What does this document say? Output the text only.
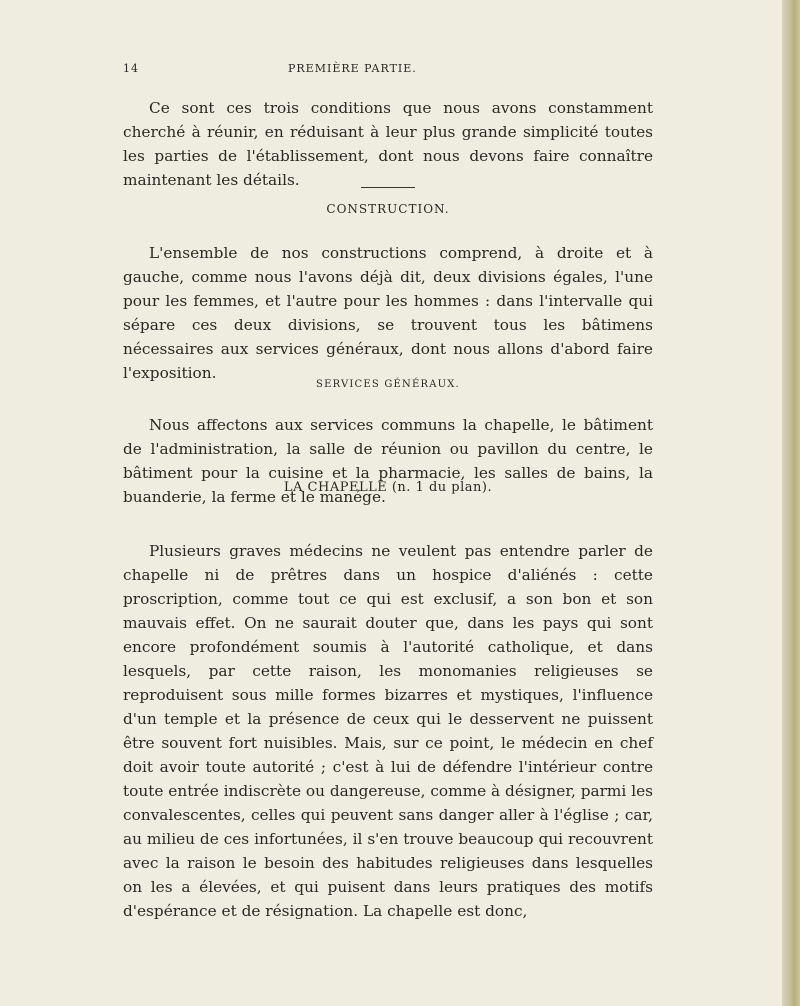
14	PREMIÈRE PARTIE.

Ce sont ces trois conditions que nous avons constamment cherché à réunir, en réduisant à leur plus grande simplicité toutes les parties de l'établissement, dont nous devons faire connaître maintenant les détails.

CONSTRUCTION.

L'ensemble de nos constructions comprend, à droite et à gauche, comme nous l'avons déjà dit, deux divisions égales, l'une pour les femmes, et l'autre pour les hommes : dans l'intervalle qui sépare ces deux divisions, se trouvent tous les bâtimens nécessaires aux services généraux, dont nous allons d'abord faire l'exposition.

SERVICES GÉNÉRAUX.

Nous affectons aux services communs la chapelle, le bâtiment de l'administration, la salle de réunion ou pavillon du centre, le bâtiment pour la cuisine et la pharmacie, les salles de bains, la buanderie, la ferme et le manége.

LA CHAPELLE (n. 1 du plan).

Plusieurs graves médecins ne veulent pas entendre parler de chapelle ni de prêtres dans un hospice d'aliénés : cette proscription, comme tout ce qui est exclusif, a son bon et son mauvais effet. On ne saurait douter que, dans les pays qui sont encore profondément soumis à l'autorité catholique, et dans lesquels, par cette raison, les monomanies religieuses se reproduisent sous mille formes bizarres et mystiques, l'influence d'un temple et la présence de ceux qui le desservent ne puissent être souvent fort nuisibles. Mais, sur ce point, le médecin en chef doit avoir toute autorité ; c'est à lui de défendre l'intérieur contre toute entrée indiscrète ou dangereuse, comme à désigner, parmi les convalescentes, celles qui peuvent sans danger aller à l'église ; car, au milieu de ces infortunées, il s'en trouve beaucoup qui recouvrent avec la raison le besoin des habitudes religieuses dans lesquelles on les a élevées, et qui puisent dans leurs pratiques des motifs d'espérance et de résignation. La chapelle est donc,
